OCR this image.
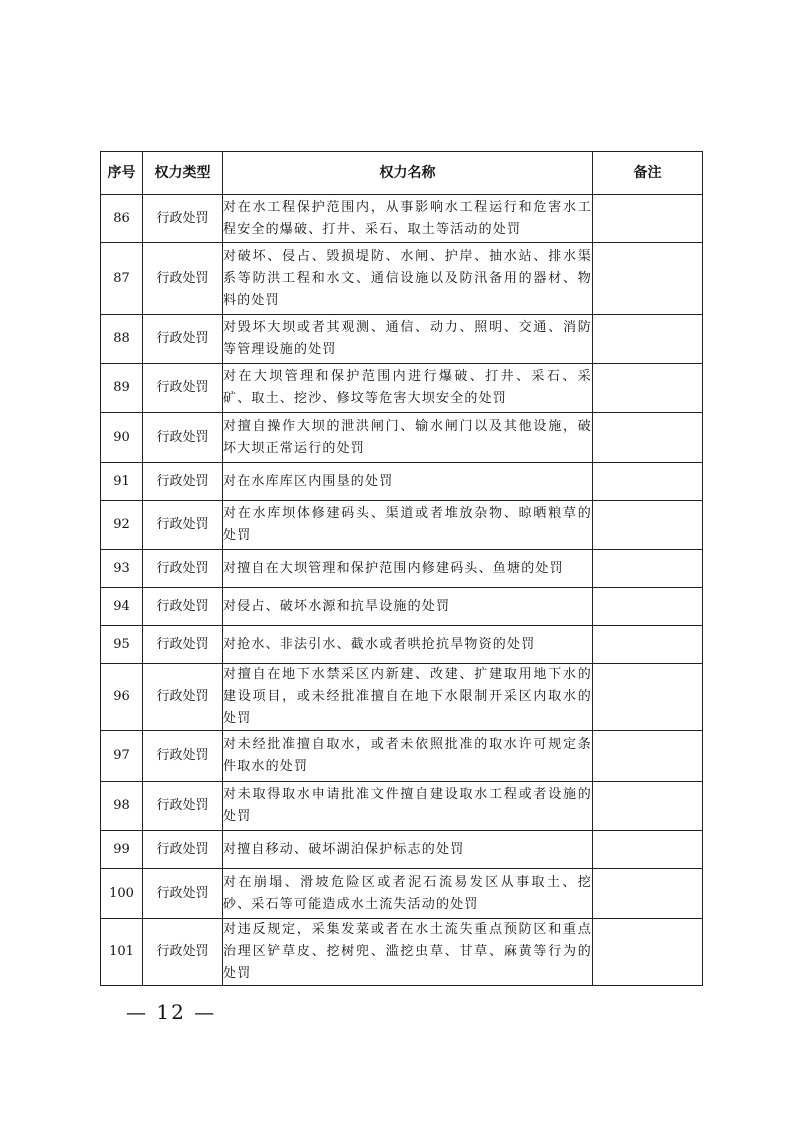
序号	权力类型	权力名称	备注
86	行政处罚	对在水工程保护范围内，从事影响水工程运行和危害水工程安全的爆破、打井、采石、取土等活动的处罚	
87	行政处罚	对破坏、侵占、毁损堤防、水闸、护岸、抽水站、排水渠系等防洪工程和水文、通信设施以及防汛备用的器材、物料的处罚	
88	行政处罚	对毁坏大坝或者其观测、通信、动力、照明、交通、消防等管理设施的处罚	
89	行政处罚	对在大坝管理和保护范围内进行爆破、打井、采石、采矿、取土、挖沙、修坟等危害大坝安全的处罚	
90	行政处罚	对擅自操作大坝的泄洪闸门、输水闸门以及其他设施，破坏大坝正常运行的处罚	
91	行政处罚	对在水库库区内围垦的处罚	
92	行政处罚	对在水库坝体修建码头、渠道或者堆放杂物、晾晒粮草的处罚	
93	行政处罚	对擅自在大坝管理和保护范围内修建码头、鱼塘的处罚	
94	行政处罚	对侵占、破坏水源和抗旱设施的处罚	
95	行政处罚	对抢水、非法引水、截水或者哄抢抗旱物资的处罚	
96	行政处罚	对擅自在地下水禁采区内新建、改建、扩建取用地下水的建设项目，或未经批准擅自在地下水限制开采区内取水的处罚	
97	行政处罚	对未经批准擅自取水，或者未依照批准的取水许可规定条件取水的处罚	
98	行政处罚	对未取得取水申请批准文件擅自建设取水工程或者设施的处罚	
99	行政处罚	对擅自移动、破坏湖泊保护标志的处罚	
100	行政处罚	对在崩塌、滑坡危险区或者泥石流易发区从事取土、挖砂、采石等可能造成水土流失活动的处罚	
101	行政处罚	对违反规定，采集发菜或者在水土流失重点预防区和重点治理区铲草皮、挖树兜、滥挖虫草、甘草、麻黄等行为的处罚	
— 12 —
